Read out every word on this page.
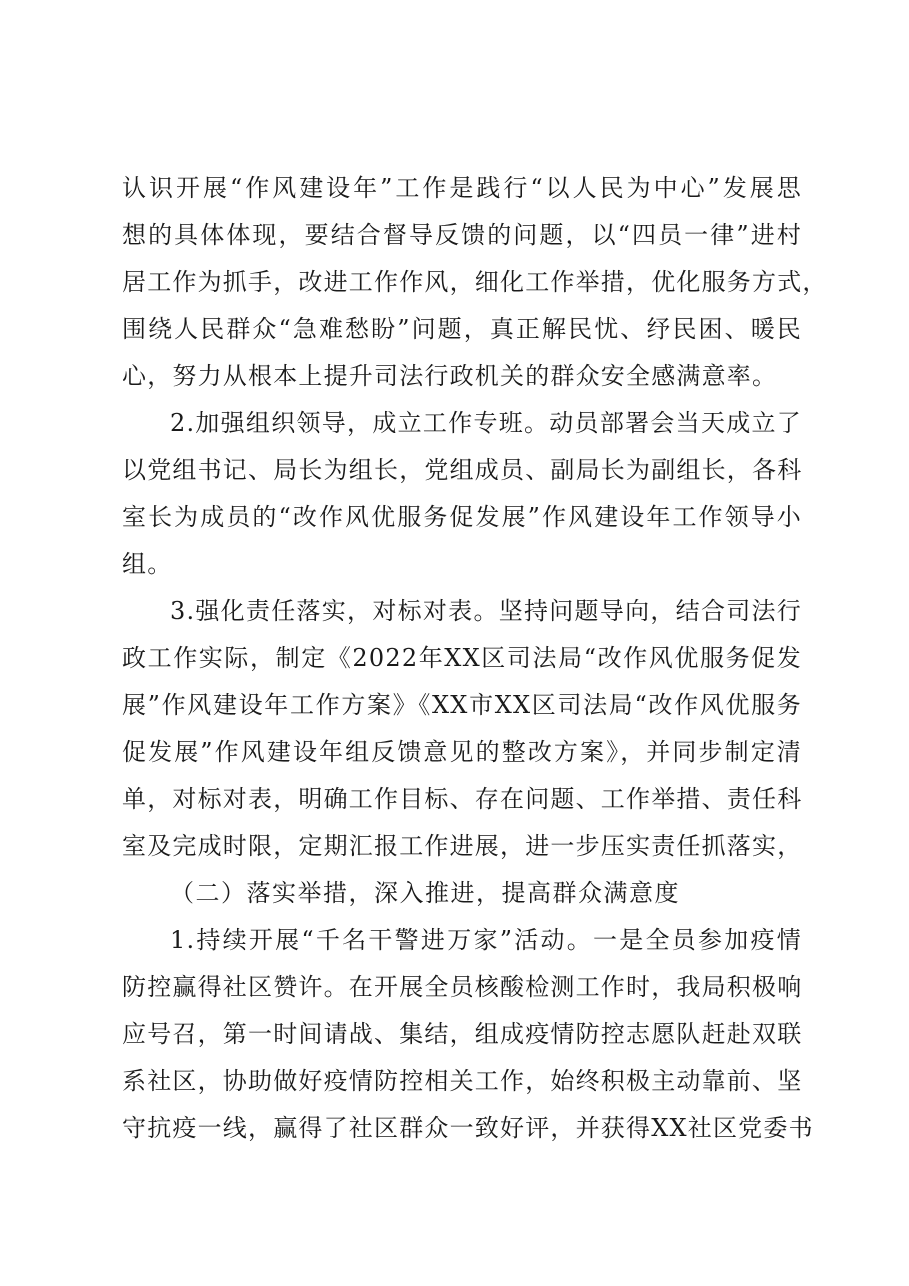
认识开展“作风建设年”工作是践行“以人民为中心”发展思
想的具体体现，要结合督导反馈的问题，以“四员一律”进村
居工作为抓手，改进工作作风，细化工作举措，优化服务方式，
围绕人民群众“急难愁盼”问题，真正解民忧、纾民困、暖民
心，努力从根本上提升司法行政机关的群众安全感满意率。
2.加强组织领导，成立工作专班。动员部署会当天成立了
以党组书记、局长为组长，党组成员、副局长为副组长，各科
室长为成员的“改作风优服务促发展”作风建设年工作领导小
组。
3.强化责任落实，对标对表。坚持问题导向，结合司法行
政工作实际，制定《2022年XX区司法局“改作风优服务促发
展”作风建设年工作方案》《XX市XX区司法局“改作风优服务
促发展”作风建设年组反馈意见的整改方案》，并同步制定清
单，对标对表，明确工作目标、存在问题、工作举措、责任科
室及完成时限，定期汇报工作进展，进一步压实责任抓落实，
（二）落实举措，深入推进，提高群众满意度
1.持续开展“千名干警进万家”活动。一是全员参加疫情
防控赢得社区赞许。在开展全员核酸检测工作时，我局积极响
应号召，第一时间请战、集结，组成疫情防控志愿队赶赴双联
系社区，协助做好疫情防控相关工作，始终积极主动靠前、坚
守抗疫一线，赢得了社区群众一致好评，并获得XX社区党委书
